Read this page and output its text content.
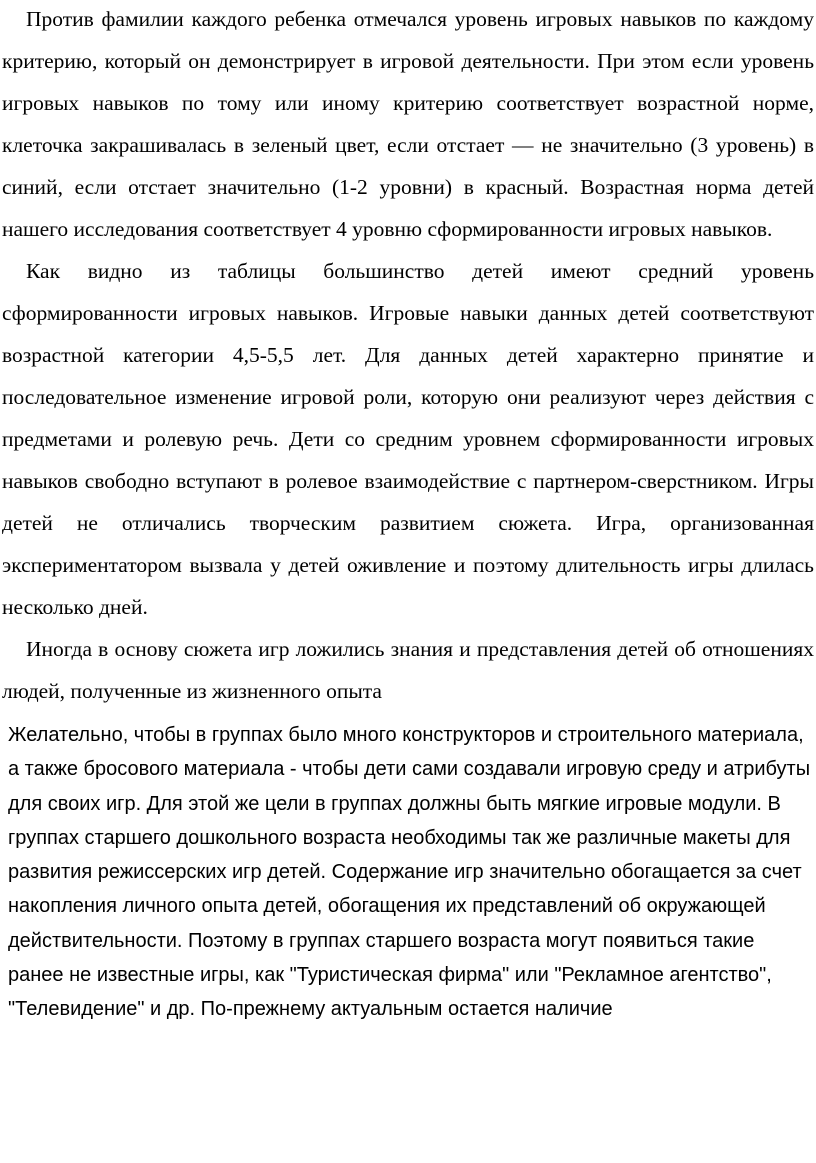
Против фамилии каждого ребенка отмечался уровень игровых навыков по каждому критерию, который он демонстрирует в игровой деятельности. При этом если уровень игровых навыков по тому или иному критерию соответствует возрастной норме, клеточка закрашивалась в зеленый цвет, если отстает — не значительно (3 уровень) в синий, если отстает значительно (1-2 уровни) в красный. Возрастная норма детей нашего исследования соответствует 4 уровню сформированности игровых навыков.

Как видно из таблицы большинство детей имеют средний уровень сформированности игровых навыков. Игровые навыки данных детей соответствуют возрастной категории 4,5-5,5 лет. Для данных детей характерно принятие и последовательное изменение игровой роли, которую они реализуют через действия с предметами и ролевую речь. Дети со средним уровнем сформированности игровых навыков свободно вступают в ролевое взаимодействие с партнером-сверстником. Игры детей не отличались творческим развитием сюжета. Игра, организованная экспериментатором вызвала у детей оживление и поэтому длительность игры длилась несколько дней.

Иногда в основу сюжета игр ложились знания и представления детей об отношениях людей, полученные из жизненного опыта

Желательно, чтобы в группах было много конструкторов и строительного материала, а также бросового материала - чтобы дети сами создавали игровую среду и атрибуты для своих игр. Для этой же цели в группах должны быть мягкие игровые модули. В группах старшего дошкольного возраста необходимы так же различные макеты для развития режиссерских игр детей. Содержание игр значительно обогащается за счет накопления личного опыта детей, обогащения их представлений об окружающей действительности. Поэтому в группах старшего возраста могут появиться такие ранее не известные игры, как "Туристическая фирма" или "Рекламное агентство", "Телевидение" и др. По-прежнему актуальным остается наличие
